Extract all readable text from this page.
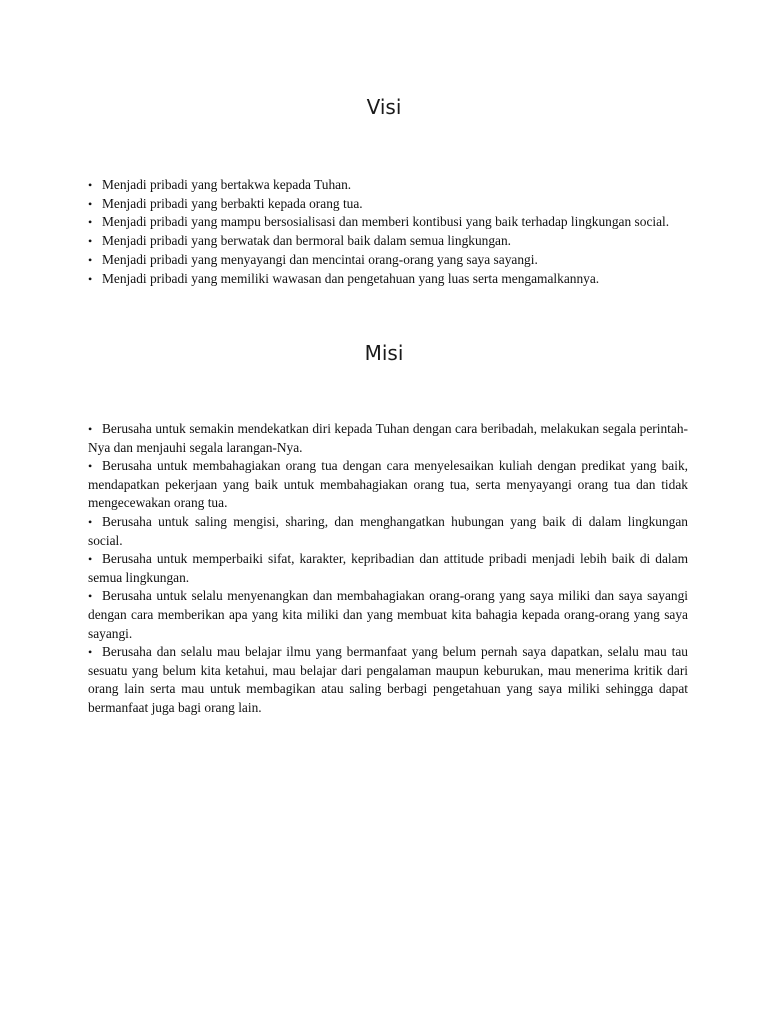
Visi
•Menjadi pribadi yang bertakwa kepada Tuhan.
•Menjadi pribadi yang berbakti kepada orang tua.
•Menjadi pribadi yang mampu bersosialisasi dan memberi kontibusi yang baik terhadap lingkungan social.
•Menjadi pribadi yang berwatak dan bermoral baik dalam semua lingkungan.
•Menjadi pribadi yang menyayangi dan mencintai orang-orang yang saya sayangi.
•Menjadi pribadi yang memiliki wawasan dan pengetahuan yang luas serta mengamalkannya.
Misi
•Berusaha untuk semakin mendekatkan diri kepada Tuhan dengan cara beribadah, melakukan segala perintah-Nya dan menjauhi segala larangan-Nya.
•Berusaha untuk membahagiakan orang tua dengan cara menyelesaikan kuliah dengan predikat yang baik, mendapatkan pekerjaan yang baik untuk membahagiakan orang tua, serta menyayangi orang tua dan tidak mengecewakan orang tua.
•Berusaha untuk saling mengisi, sharing, dan menghangatkan hubungan yang baik di dalam lingkungan social.
•Berusaha untuk memperbaiki sifat, karakter, kepribadian dan attitude pribadi menjadi lebih baik di dalam semua lingkungan.
•Berusaha untuk selalu menyenangkan dan membahagiakan orang-orang yang saya miliki dan saya sayangi dengan cara memberikan apa yang kita miliki dan yang membuat kita bahagia kepada orang-orang yang saya sayangi.
•Berusaha dan selalu mau belajar ilmu yang bermanfaat yang belum pernah saya dapatkan, selalu mau tau sesuatu yang belum kita ketahui, mau belajar dari pengalaman maupun keburukan, mau menerima kritik dari orang lain serta mau untuk membagikan atau saling berbagi pengetahuan yang saya miliki sehingga dapat bermanfaat juga bagi orang lain.
